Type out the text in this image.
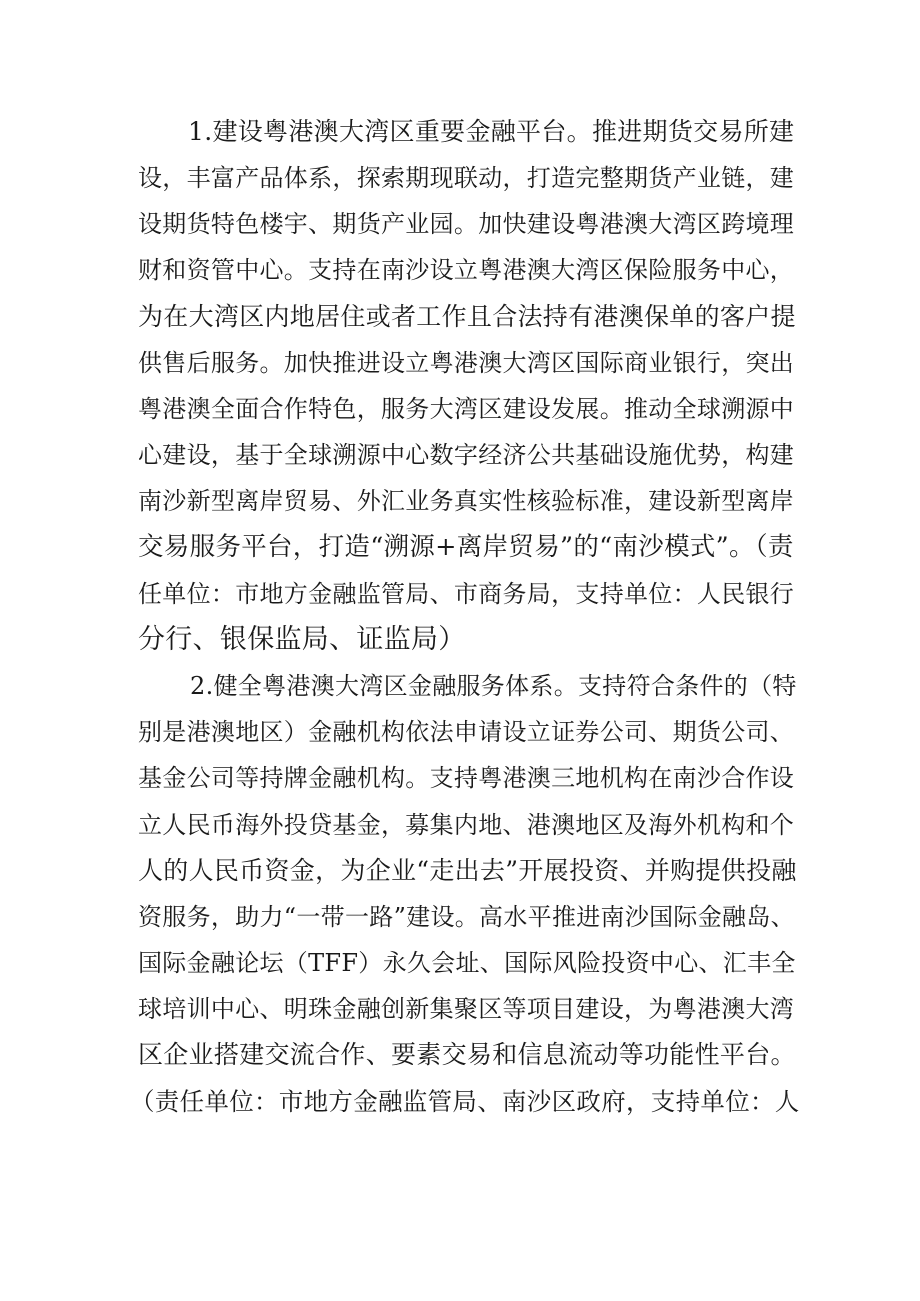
1.建设粤港澳大湾区重要金融平台。推进期货交易所建
设，丰富产品体系，探索期现联动，打造完整期货产业链，建
设期货特色楼宇、期货产业园。加快建设粤港澳大湾区跨境理
财和资管中心。支持在南沙设立粤港澳大湾区保险服务中心，
为在大湾区内地居住或者工作且合法持有港澳保单的客户提
供售后服务。加快推进设立粤港澳大湾区国际商业银行，突出
粤港澳全面合作特色，服务大湾区建设发展。推动全球溯源中
心建设，基于全球溯源中心数字经济公共基础设施优势，构建
南沙新型离岸贸易、外汇业务真实性核验标准，建设新型离岸
交易服务平台，打造“溯源+离岸贸易”的“南沙模式”。（责
任单位：市地方金融监管局、市商务局，支持单位：人民银行
分行、银保监局、证监局）
2.健全粤港澳大湾区金融服务体系。支持符合条件的（特
别是港澳地区）金融机构依法申请设立证券公司、期货公司、
基金公司等持牌金融机构。支持粤港澳三地机构在南沙合作设
立人民币海外投贷基金，募集内地、港澳地区及海外机构和个
人的人民币资金，为企业“走出去”开展投资、并购提供投融
资服务，助力“一带一路”建设。高水平推进南沙国际金融岛、
国际金融论坛（TFF）永久会址、国际风险投资中心、汇丰全
球培训中心、明珠金融创新集聚区等项目建设，为粤港澳大湾
区企业搭建交流合作、要素交易和信息流动等功能性平台。
（责任单位：市地方金融监管局、南沙区政府，支持单位：人
